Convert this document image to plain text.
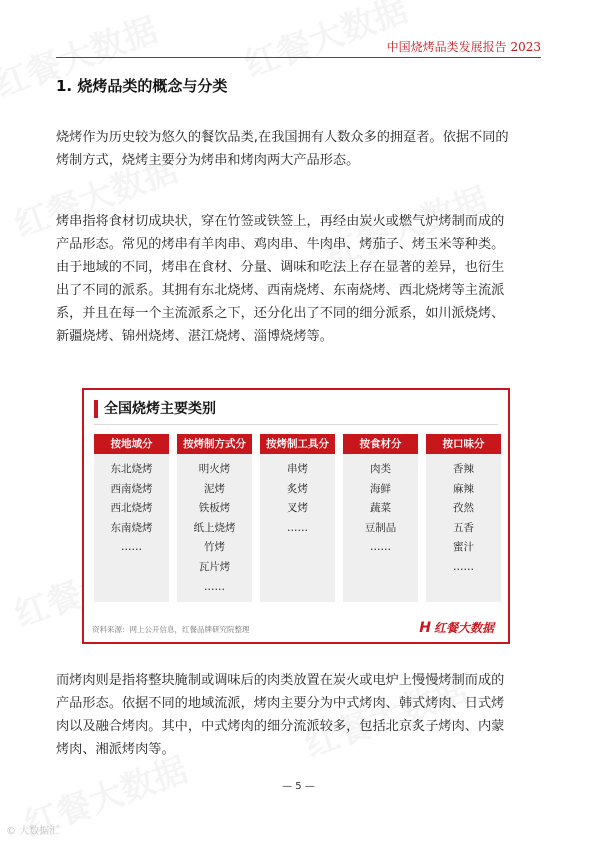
中国烧烤品类发展报告 2023
1. 烧烤品类的概念与分类
烧烤作为历史较为悠久的餐饮品类,在我国拥有人数众多的拥趸者。依据不同的
烤制方式，烧烤主要分为烤串和烤肉两大产品形态。
烤串指将食材切成块状，穿在竹签或铁签上，再经由炭火或燃气炉烤制而成的
产品形态。常见的烤串有羊肉串、鸡肉串、牛肉串、烤茄子、烤玉米等种类。
由于地域的不同，烤串在食材、分量、调味和吃法上存在显著的差异，也衍生
出了不同的派系。其拥有东北烧烤、西南烧烤、东南烧烤、西北烧烤等主流派
系，并且在每一个主流派系之下，还分化出了不同的细分派系，如川派烧烤、
新疆烧烤、锦州烧烤、湛江烧烤、淄博烧烤等。
全国烧烤主要类别
按地域分
东北烧烤
西南烧烤
西北烧烤
东南烧烤
……
按烤制方式分
明火烤
泥烤
铁板烤
纸上烧烤
竹烤
瓦片烤
……
按烤制工具分
串烤
炙烤
叉烤
……
按食材分
肉类
海鲜
蔬菜
豆制品
……
按口味分
香辣
麻辣
孜然
五香
蜜汁
……
资料来源：网上公开信息，红餐品牌研究院整理	H 红餐大数据
而烤肉则是指将整块腌制或调味后的肉类放置在炭火或电炉上慢慢烤制而成的
产品形态。依据不同的地域流派，烤肉主要分为中式烤肉、韩式烤肉、日式烤
肉以及融合烤肉。其中，中式烤肉的细分流派较多，包括北京炙子烤肉、内蒙
烤肉、湘派烤肉等。
— 5 —
© 大数据汇
